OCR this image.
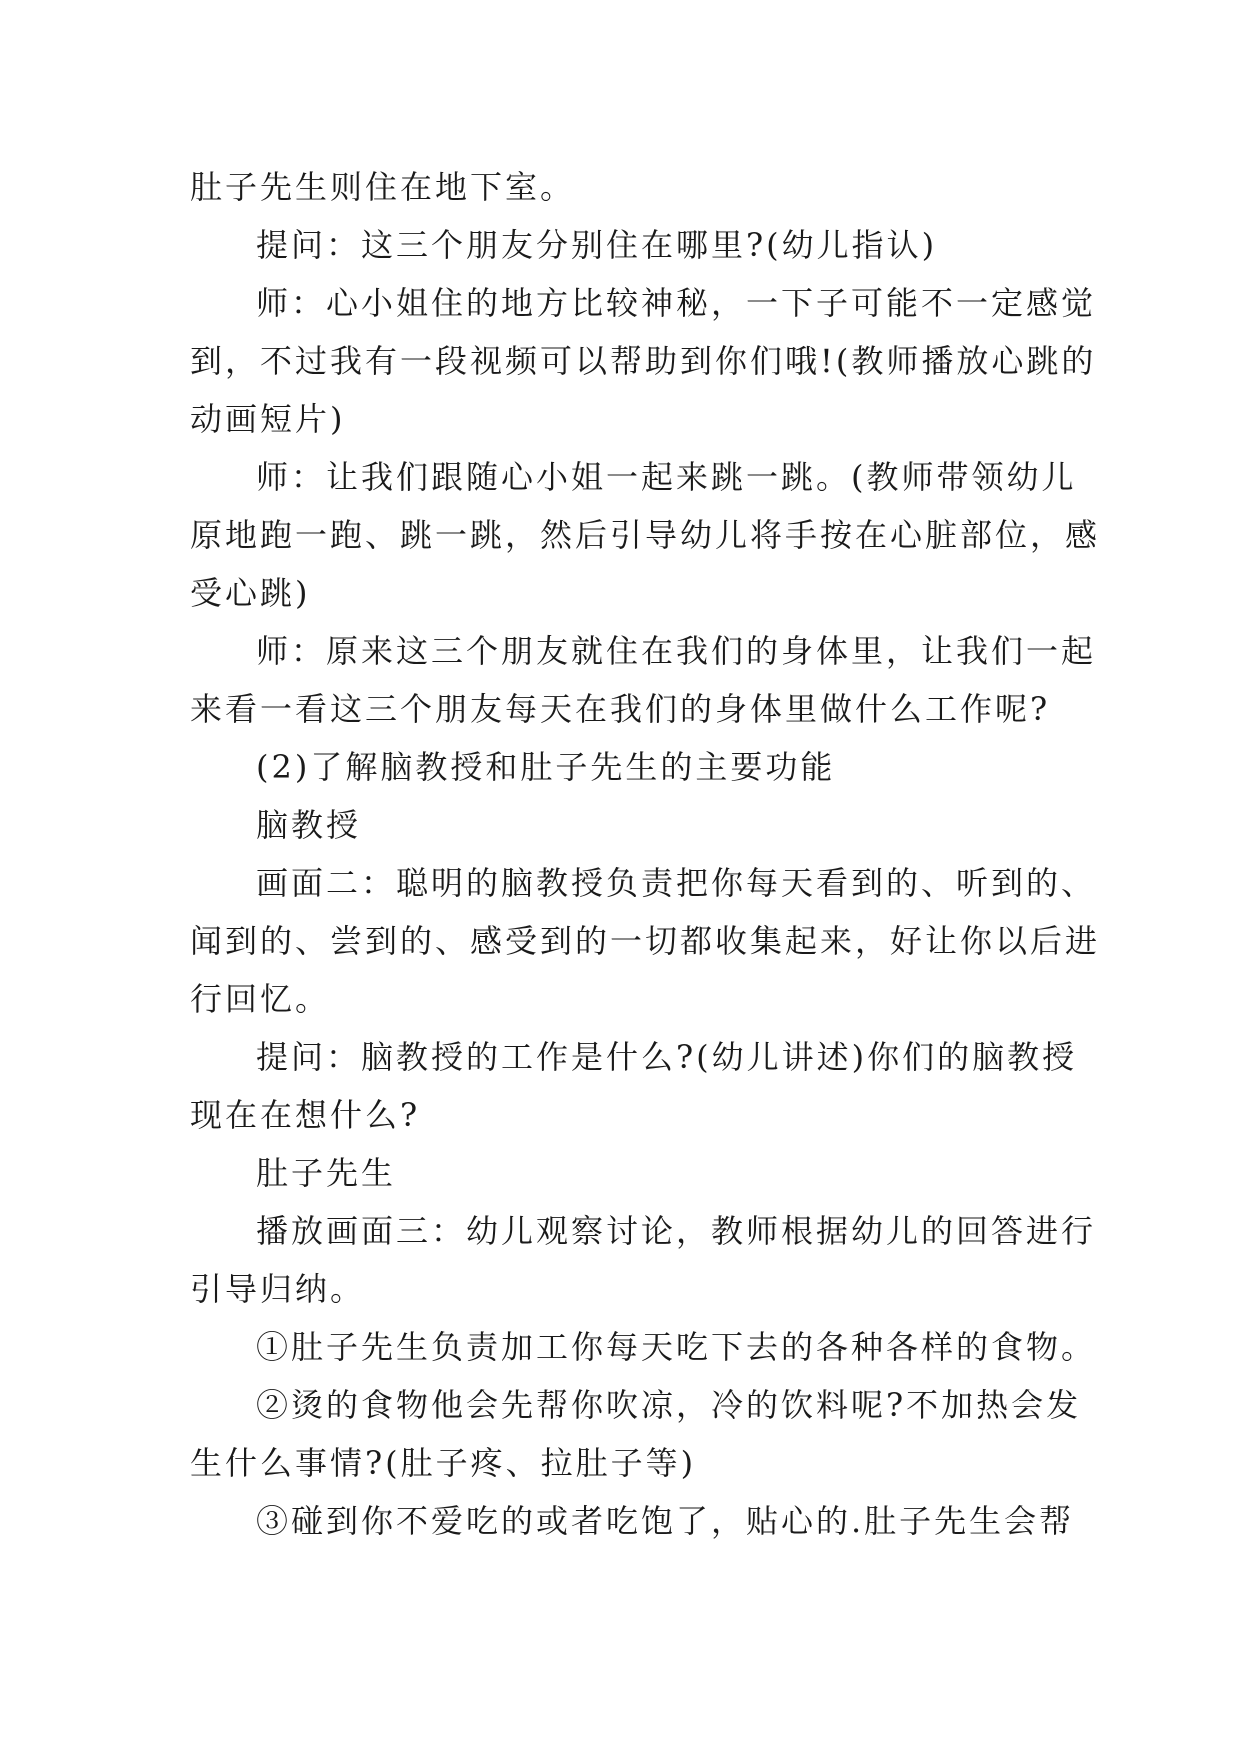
肚子先生则住在地下室。
提问：这三个朋友分别住在哪里?(幼儿指认)
师：心小姐住的地方比较神秘，一下子可能不一定感觉
到，不过我有一段视频可以帮助到你们哦!(教师播放心跳的
动画短片)
师：让我们跟随心小姐一起来跳一跳。(教师带领幼儿
原地跑一跑、跳一跳，然后引导幼儿将手按在心脏部位，感
受心跳)
师：原来这三个朋友就住在我们的身体里，让我们一起
来看一看这三个朋友每天在我们的身体里做什么工作呢?
(2)了解脑教授和肚子先生的主要功能
脑教授
画面二：聪明的脑教授负责把你每天看到的、听到的、
闻到的、尝到的、感受到的一切都收集起来，好让你以后进
行回忆。
提问：脑教授的工作是什么?(幼儿讲述)你们的脑教授
现在在想什么?
肚子先生
播放画面三：幼儿观察讨论，教师根据幼儿的回答进行
引导归纳。
①肚子先生负责加工你每天吃下去的各种各样的食物。
②烫的食物他会先帮你吹凉，冷的饮料呢?不加热会发
生什么事情?(肚子疼、拉肚子等)
③碰到你不爱吃的或者吃饱了，贴心的.肚子先生会帮
